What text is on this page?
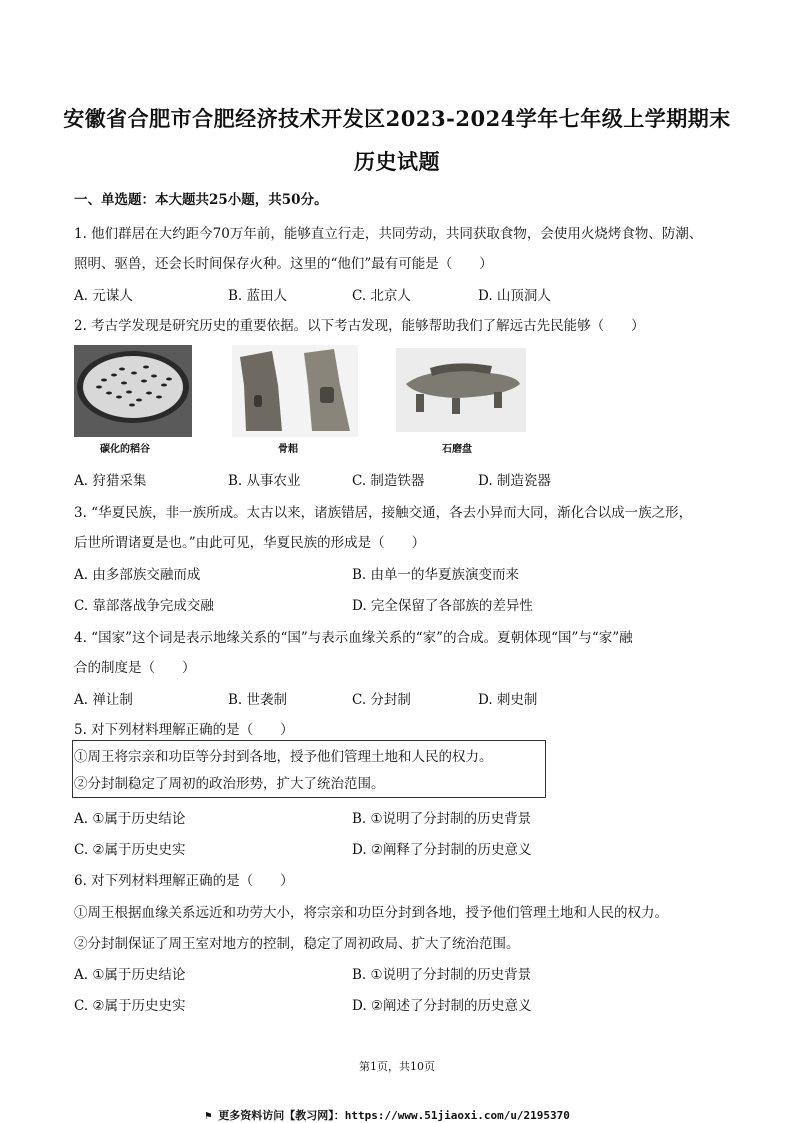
安徽省合肥市合肥经济技术开发区2023-2024学年七年级上学期期末
历史试题
一、单选题：本大题共25小题，共50分。
1. 他们群居在大约距今70万年前，能够直立行走，共同劳动，共同获取食物，会使用火烧烤食物、防潮、
照明、驱兽，还会长时间保存火种。这里的“他们”最有可能是（　　）
A. 元谋人	B. 蓝田人	C. 北京人	D. 山顶洞人
2. 考古学发现是研究历史的重要依据。以下考古发现，能够帮助我们了解远古先民能够（　　）
碳化的稻谷	骨耜	石磨盘
A. 狩猎采集	B. 从事农业	C. 制造铁器	D. 制造瓷器
3. “华夏民族，非一族所成。太古以来，诸族错居，接触交通，各去小异而大同，渐化合以成一族之形，
后世所谓诸夏是也。”由此可见，华夏民族的形成是（　　）
A. 由多部族交融而成	B. 由单一的华夏族演变而来
C. 靠部落战争完成交融	D. 完全保留了各部族的差异性
4. “国家”这个词是表示地缘关系的“国”与表示血缘关系的“家”的合成。夏朝体现“国”与“家”融
合的制度是（　　）
A. 禅让制	B. 世袭制	C. 分封制	D. 刺史制
5. 对下列材料理解正确的是（　　）
①周王将宗亲和功臣等分封到各地，授予他们管理土地和人民的权力。
②分封制稳定了周初的政治形势，扩大了统治范围。
A. ①属于历史结论	B. ①说明了分封制的历史背景
C. ②属于历史史实	D. ②阐释了分封制的历史意义
6. 对下列材料理解正确的是（　　）
①周王根据血缘关系远近和功劳大小，将宗亲和功臣分封到各地，授予他们管理土地和人民的权力。
②分封制保证了周王室对地方的控制，稳定了周初政局、扩大了统治范围。
A. ①属于历史结论	B. ①说明了分封制的历史背景
C. ②属于历史史实	D. ②阐述了分封制的历史意义
第1页，共10页
⚑ 更多资料访问【教习网】：https://www.51jiaoxi.com/u/2195370
